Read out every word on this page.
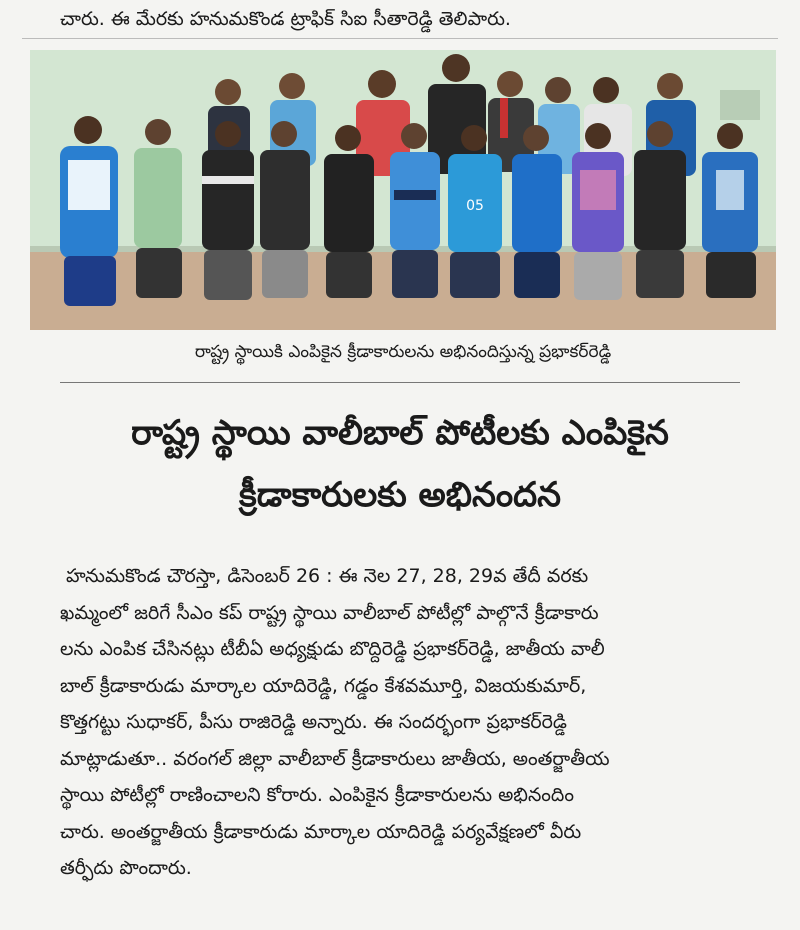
చారు. ఈ మేరకు హనుమకొండ ట్రాఫిక్ సిఐ సీతారెడ్డి తెలిపారు.
05
రాష్ట్ర స్థాయికి ఎంపికైన క్రీడాకారులను అభినందిస్తున్న ప్రభాకర్‌రెడ్డి
రాష్ట్ర స్థాయి వాలీబాల్ పోటీలకు ఎంపికైన
క్రీడాకారులకు అభినందన
హనుమకొండ చౌరస్తా, డిసెంబర్ 26 : ఈ నెల 27, 28, 29వ తేదీ వరకు
ఖమ్మంలో జరిగే సీఎం కప్ రాష్ట్ర స్థాయి వాలీబాల్ పోటీల్లో పాల్గొనే క్రీడాకారు
లను ఎంపిక చేసినట్లు టీబీఏ అధ్యక్షుడు బొద్దిరెడ్డి ప్రభాకర్‌రెడ్డి, జాతీయ వాలీ
బాల్ క్రీడాకారుడు మార్కాల యాదిరెడ్డి, గడ్డం కేశవమూర్తి, విజయకుమార్,
కొత్తగట్టు సుధాకర్, పీసు రాజిరెడ్డి అన్నారు. ఈ సందర్భంగా ప్రభాకర్‌రెడ్డి
మాట్లాడుతూ.. వరంగల్ జిల్లా వాలీబాల్ క్రీడాకారులు జాతీయ, అంతర్జాతీయ
స్థాయి పోటీల్లో రాణించాలని కోరారు. ఎంపికైన క్రీడాకారులను అభినందిం
చారు. అంతర్జాతీయ క్రీడాకారుడు మార్కాల యాదిరెడ్డి పర్యవేక్షణలో వీరు
తర్ఫీదు పొందారు.
